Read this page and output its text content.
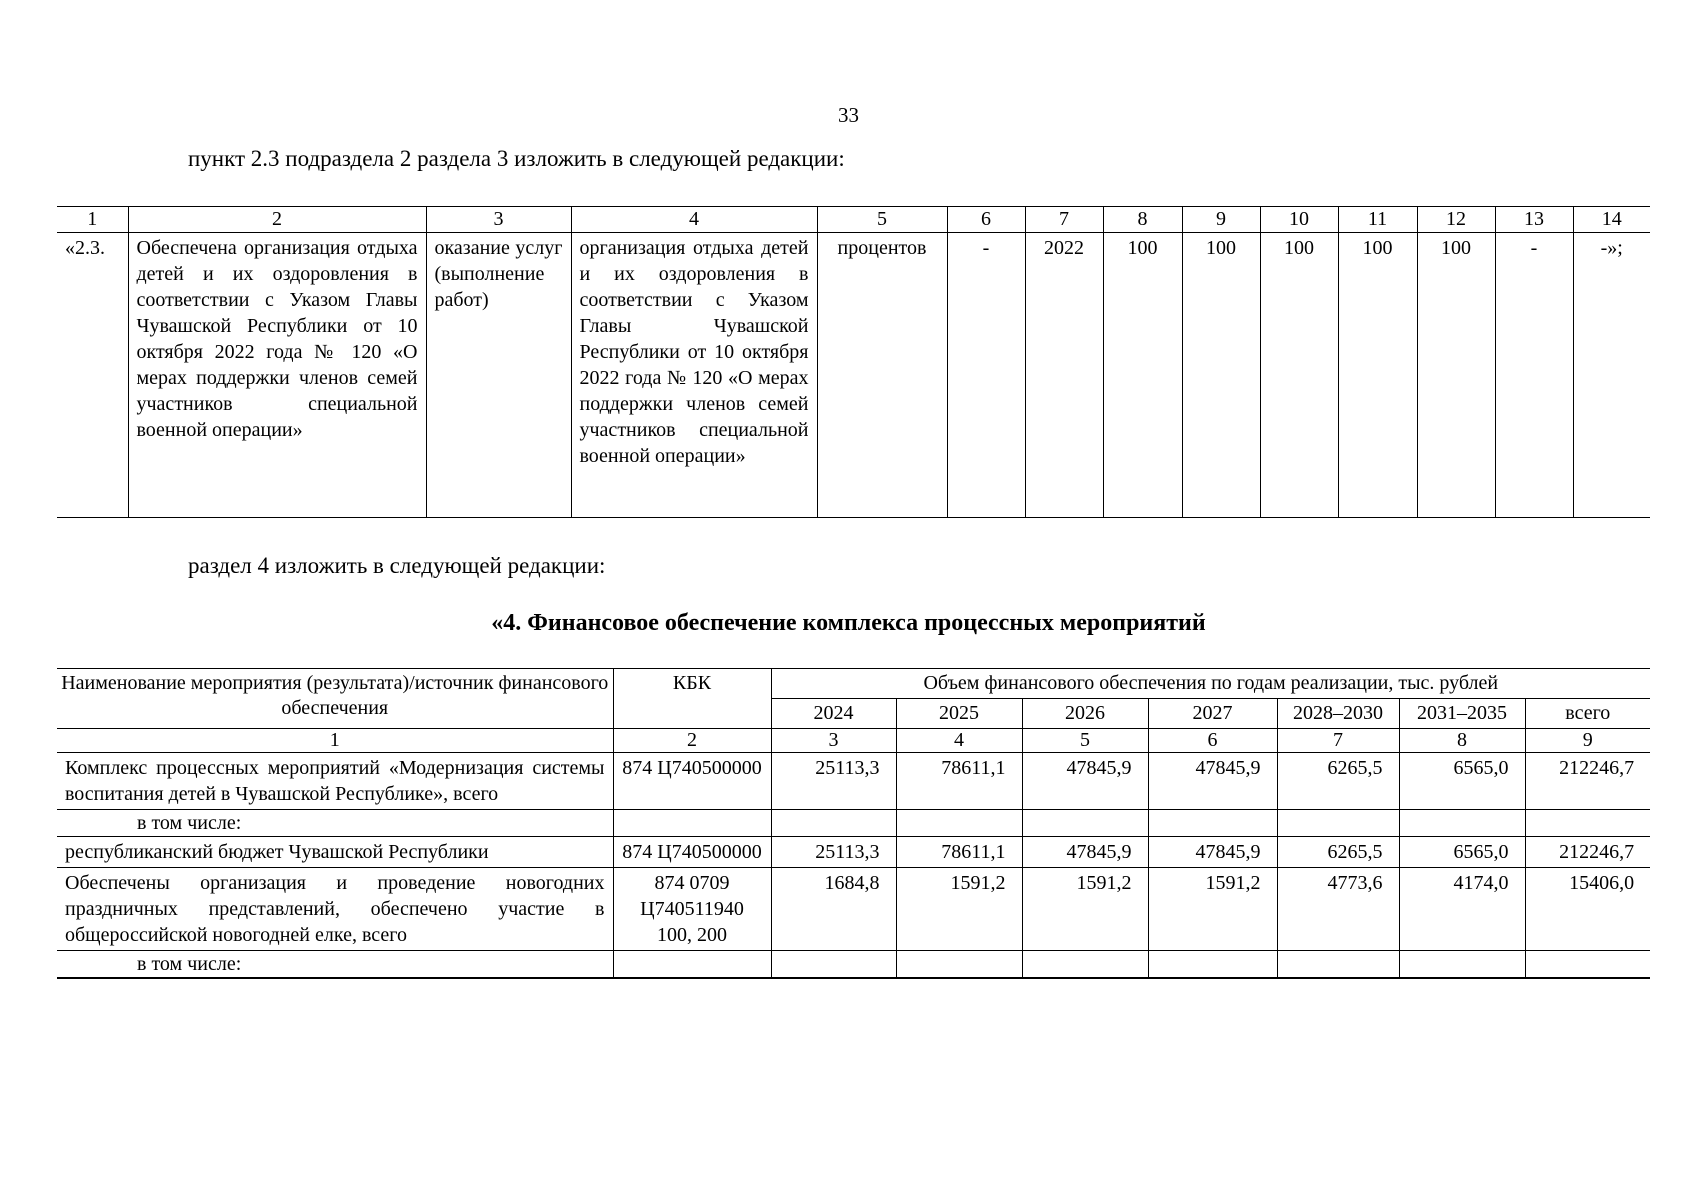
33
пункт 2.3 подраздела 2 раздела 3 изложить в следующей редакции:
1	2	3	4	5	6	7	8	9	10	11	12	13	14
«2.3.	Обеспечена организация отдыха детей и их оздоровления в соответствии с Указом Главы Чувашской Республики от 10 октября 2022 года № 120 «О мерах поддержки членов семей участников специальной военной операции»	оказание услуг (выполнение работ)	организация отдыха детей и их оздоровления в соответствии с Указом Главы Чувашской Республики от 10 октября 2022 года № 120 «О мерах поддержки членов семей участников специальной военной операции»	процентов	-	2022	100	100	100	100	100	-	-»;
раздел 4 изложить в следующей редакции:
«4. Финансовое обеспечение комплекса процессных мероприятий
Наименование мероприятия (результата)/источник финансового обеспечения	КБК	Объем финансового обеспечения по годам реализации, тыс. рублей						
		2024	2025	2026	2027	2028–2030	2031–2035	всего
1	2	3	4	5	6	7	8	9
Комплекс процессных мероприятий «Модернизация системы воспитания детей в Чувашской Республике», всего	874 Ц740500000	25113,3	78611,1	47845,9	47845,9	6265,5	6565,0	212246,7
в том числе:								
республиканский бюджет Чувашской Республики	874 Ц740500000	25113,3	78611,1	47845,9	47845,9	6265,5	6565,0	212246,7
Обеспечены организация и проведение новогодних праздничных представлений, обеспечено участие в общероссийской новогодней елке, всего	874 0709 Ц740511940 100, 200	1684,8	1591,2	1591,2	1591,2	4773,6	4174,0	15406,0
в том числе:								
